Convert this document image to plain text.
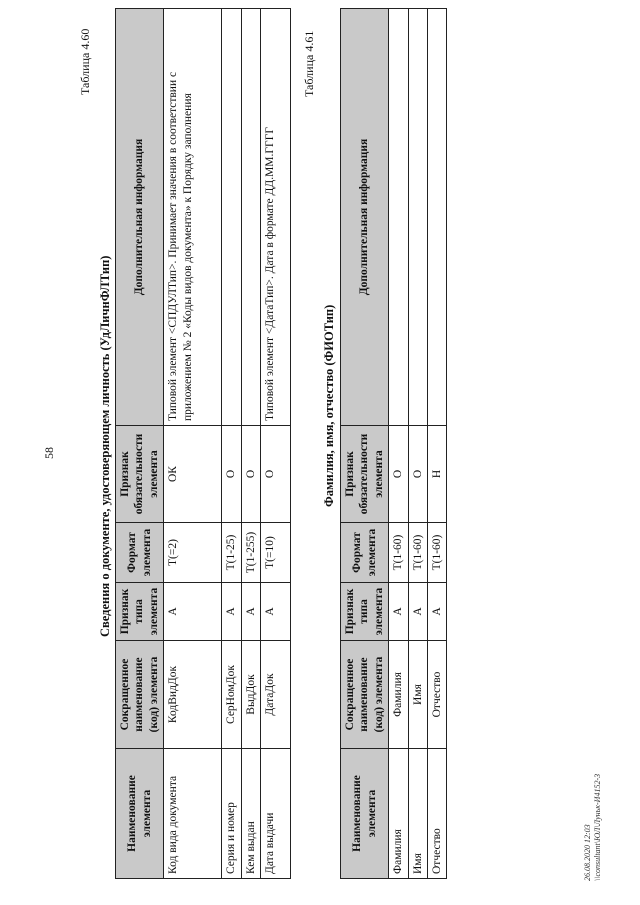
58
Таблица 4.60
Сведения о документе, удостоверяющем личность (УдЛичнФЛТип)
Наименование элемента	Сокращенное наименование (код) элемента	Признак типа элемента	Формат элемента	Признак обязательности элемента	Дополнительная информация
Код вида документа	КодВидДок	А	T(=2)	ОК	Типовой элемент <СПДУЛТип>. Принимает значения в соответствии с приложением № 2 «Коды видов документа» к Порядку заполнения
Серия и номер	СерНомДок	А	T(1-25)	О	
Кем выдан	ВыдДок	А	T(1-255)	О	
Дата выдачи	ДатаДок	А	T(=10)	О	Типовой элемент <ДатаТип>. Дата в формате ДД.ММ.ГГГГ
Таблица 4.61
Фамилия, имя, отчество (ФИОТип)
Наименование элемента	Сокращенное наименование (код) элемента	Признак типа элемента	Формат элемента	Признак обязательности элемента	Дополнительная информация
Фамилия	Фамилия	А	T(1-60)	О	
Имя	Имя	А	T(1-60)	О	
Отчество	Отчество	А	T(1-60)	Н	
26.08.2020 12:03 \\consultant\ЮЛ\Луньк-И4152-3
